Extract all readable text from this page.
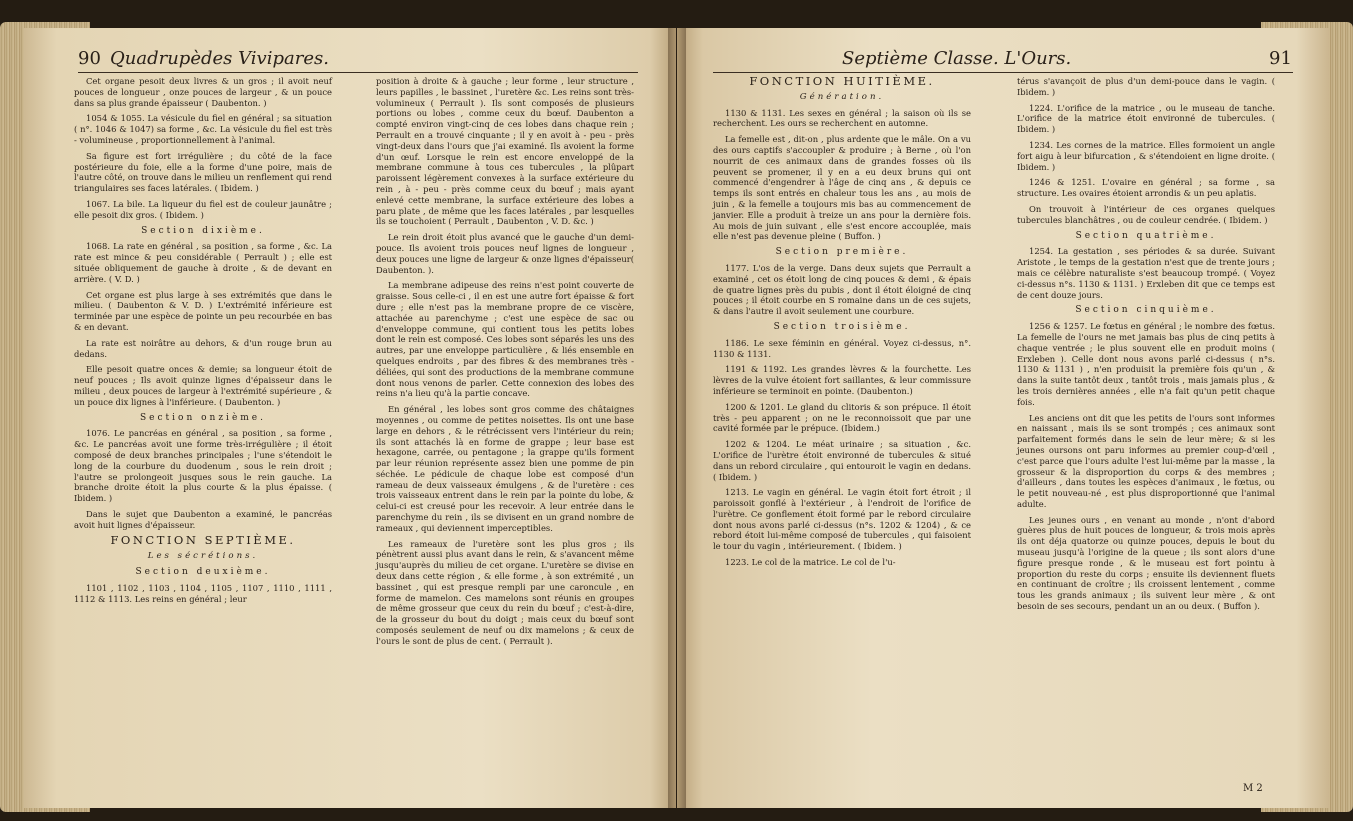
90 Quadrupèdes Vivipares.

Cet organe pesoit deux livres & un gros ; il avoit neuf pouces de longueur , onze pouces de largeur , & un pouce dans sa plus grande épaisseur ( Daubenton. )

1054 & 1055. La vésicule du fiel en général ; sa situation ( n°. 1046 & 1047) sa forme , &c. La vésicule du fiel est très - volumineuse , proportionnellement à l'animal.

Sa figure est fort irrégulière ; du côté de la face postérieure du foie, elle a la forme d'une poire, mais de l'autre côté, on trouve dans le milieu un renflement qui rend triangulaires ses faces latérales. ( Ibidem. )

1067. La bile. La liqueur du fiel est de couleur jaunâtre ; elle pesoit dix gros. ( Ibidem. )

Section dixième.

1068. La rate en général , sa position , sa forme , &c. La rate est mince & peu considérable ( Perrault ) ; elle est située obliquement de gauche à droite , & de devant en arrière. ( V. D. )

Cet organe est plus large à ses extrémités que dans le milieu. ( Daubenton & V. D. ) L'extrémité inférieure est terminée par une espèce de pointe un peu recourbée en bas & en devant.

La rate est noirâtre au dehors, & d'un rouge brun au dedans.

Elle pesoit quatre onces & demie; sa longueur étoit de neuf pouces ; Ils avoit quinze lignes d'épaisseur dans le milieu , deux pouces de largeur à l'extrémité supérieure , & un pouce dix lignes à l'inférieure. ( Daubenton. )

Section onzième.

1076. Le pancréas en général , sa position , sa forme , &c. Le pancréas avoit une forme très-irrégulière ; il étoit composé de deux branches principales ; l'une s'étendoit le long de la courbure du duodenum , sous le rein droit ; l'autre se prolongeoit jusques sous le rein gauche. La branche droite étoit la plus courte & la plus épaisse. ( Ibidem. )

Dans le sujet que Daubenton a examiné, le pancréas avoit huit lignes d'épaisseur.

FONCTION SEPTIÈME.

Les sécrétions.

Section deuxième.

1101 , 1102 , 1103 , 1104 , 1105 , 1107 , 1110 , 1111 , 1112 & 1113. Les reins en général ; leur

position à droite & à gauche ; leur forme , leur structure , leurs papilles , le bassinet , l'uretère &c. Les reins sont très-volumineux ( Perrault ). Ils sont composés de plusieurs portions ou lobes , comme ceux du bœuf. Daubenton a compté environ vingt-cinq de ces lobes dans chaque rein ; Perrault en a trouvé cinquante ; il y en avoit à - peu - près vingt-deux dans l'ours que j'ai examiné. Ils avoient la forme d'un œuf. Lorsque le rein est encore enveloppé de la membrane commune à tous ces tubercules , la plûpart paroissent légèrement convexes à la surface extérieure du rein , à - peu - près comme ceux du bœuf ; mais ayant enlevé cette membrane, la surface extérieure des lobes a paru plate , de même que les faces latérales , par lesquelles ils se touchoient ( Perrault , Daubenton , V. D. &c. )

Le rein droit étoit plus avancé que le gauche d'un demi-pouce. Ils avoient trois pouces neuf lignes de longueur , deux pouces une ligne de largeur & onze lignes d'épaisseur( Daubenton. ).

La membrane adipeuse des reins n'est point couverte de graisse. Sous celle-ci , il en est une autre fort épaisse & fort dure ; elle n'est pas la membrane propre de ce viscère, attachée au parenchyme ; c'est une espèce de sac ou d'enveloppe commune, qui contient tous les petits lobes dont le rein est composé. Ces lobes sont séparés les uns des autres, par une enveloppe particulière , & liés ensemble en quelques endroits , par des fibres & des membranes très - déliées, qui sont des productions de la membrane commune dont nous venons de parler. Cette connexion des lobes des reins n'a lieu qu'à la partie concave.

En général , les lobes sont gros comme des châtaignes moyennes , ou comme de petites noisettes. Ils ont une base large en dehors , & le rétrécissent vers l'intérieur du rein; ils sont attachés là en forme de grappe ; leur base est hexagone, carrée, ou pentagone ; la grappe qu'ils forment par leur réunion représente assez bien une pomme de pin séchée. Le pédicule de chaque lobe est composé d'un rameau de deux vaisseaux émulgens , & de l'uretère : ces trois vaisseaux entrent dans le rein par la pointe du lobe, & celui-ci est creusé pour les recevoir. A leur entrée dans le parenchyme du rein , ils se divisent en un grand nombre de rameaux , qui deviennent imperceptibles.

Les rameaux de l'uretère sont les plus gros ; ils pénètrent aussi plus avant dans le rein, & s'avancent même jusqu'auprès du milieu de cet organe. L'uretère se divise en deux dans cette région , & elle forme , à son extrémité , un bassinet , qui est presque rempli par une caroncule , en forme de mamelon. Ces mamelons sont réunis en groupes de même grosseur que ceux du rein du bœuf ; c'est-à-dire, de la grosseur du bout du doigt ; mais ceux du bœuf sont composés seulement de neuf ou dix mamelons ; & ceux de l'ours le sont de plus de cent. ( Perrault ).

Septième Classe. L'Ours.	91

FONCTION HUITIÈME.

Génération.

1130 & 1131. Les sexes en général ; la saison où ils se recherchent. Les ours se recherchent en automne.

La femelle est , dit-on , plus ardente que le mâle. On a vu des ours captifs s'accoupler & produire ; à Berne , où l'on nourrit de ces animaux dans de grandes fosses où ils peuvent se promener, il y en a eu deux bruns qui ont commencé d'engendrer à l'âge de cinq ans , & depuis ce temps ils sont entrés en chaleur tous les ans , au mois de juin , & la femelle a toujours mis bas au commencement de janvier. Elle a produit à treize un ans pour la dernière fois. Au mois de juin suivant , elle s'est encore accouplée, mais elle n'est pas devenue pleine ( Buffon. )

Section première.

1177. L'os de la verge. Dans deux sujets que Perrault a examiné , cet os étoit long de cinq pouces & demi , & épais de quatre lignes près du pubis , dont il étoit éloigné de cinq pouces ; il étoit courbe en S romaine dans un de ces sujets, & dans l'autre il avoit seulement une courbure.

Section troisième.

1186. Le sexe féminin en général. Voyez ci-dessus, n°. 1130 & 1131.

1191 & 1192. Les grandes lèvres & la fourchette. Les lèvres de la vulve étoient fort saillantes, & leur commissure inférieure se terminoit en pointe. (Daubenton.)

1200 & 1201. Le gland du clitoris & son prépuce. Il étoit très - peu apparent ; on ne le reconnoissoit que par une cavité formée par le prépuce. (Ibidem.)

1202 & 1204. Le méat urinaire ; sa situation , &c. L'orifice de l'urètre étoit environné de tubercules & situé dans un rebord circulaire , qui entouroit le vagin en dedans. ( Ibidem. )

1213. Le vagin en général. Le vagin étoit fort étroit ; il paroissoit gonflé à l'extérieur , à l'endroit de l'orifice de l'urètre. Ce gonflement étoit formé par le rebord circulaire dont nous avons parlé ci-dessus (n°s. 1202 & 1204) , & ce rebord étoit lui-même composé de tubercules , qui faisoient le tour du vagin , intérieurement. ( Ibidem. )

1223. Le col de la matrice. Le col de l'u-

térus s'avançoit de plus d'un demi-pouce dans le vagin. ( Ibidem. )

1224. L'orifice de la matrice , ou le museau de tanche. L'orifice de la matrice étoit environné de tubercules. ( Ibidem. )

1234. Les cornes de la matrice. Elles formoient un angle fort aigu à leur bifurcation , & s'étendoient en ligne droite. ( Ibidem. )

1246 & 1251. L'ovaire en général ; sa forme , sa structure. Les ovaires étoient arrondis & un peu aplatis.

On trouvoit à l'intérieur de ces organes quelques tubercules blanchâtres , ou de couleur cendrée. ( Ibidem. )

Section quatrième.

1254. La gestation , ses périodes & sa durée. Suivant Aristote , le temps de la gestation n'est que de trente jours ; mais ce célèbre naturaliste s'est beaucoup trompé. ( Voyez ci-dessus n°s. 1130 & 1131. ) Erxleben dit que ce temps est de cent douze jours.

Section cinquième.

1256 & 1257. Le fœtus en général ; le nombre des fœtus. La femelle de l'ours ne met jamais bas plus de cinq petits à chaque ventrée ; le plus souvent elle en produit moins ( Erxleben ). Celle dont nous avons parlé ci-dessus ( n°s. 1130 & 1131 ) , n'en produisit la première fois qu'un , & dans la suite tantôt deux , tantôt trois , mais jamais plus , & les trois dernières années , elle n'a fait qu'un petit chaque fois.

Les anciens ont dit que les petits de l'ours sont informes en naissant , mais ils se sont trompés ; ces animaux sont parfaitement formés dans le sein de leur mère; & si les jeunes oursons ont paru informes au premier coup-d'œil , c'est parce que l'ours adulte l'est lui-même par la masse , la grosseur & la disproportion du corps & des membres ; d'ailleurs , dans toutes les espèces d'animaux , le fœtus, ou le petit nouveau-né , est plus disproportionné que l'animal adulte.

Les jeunes ours , en venant au monde , n'ont d'abord guères plus de huit pouces de longueur, & trois mois après ils ont déja quatorze ou quinze pouces, depuis le bout du museau jusqu'à l'origine de la queue ; ils sont alors d'une figure presque ronde , & le museau est fort pointu à proportion du reste du corps ; ensuite ils deviennent fluets en continuant de croître ; ils croissent lentement , comme tous les grands animaux ; ils suivent leur mère , & ont besoin de ses secours, pendant un an ou deux. ( Buffon ).

M 2
